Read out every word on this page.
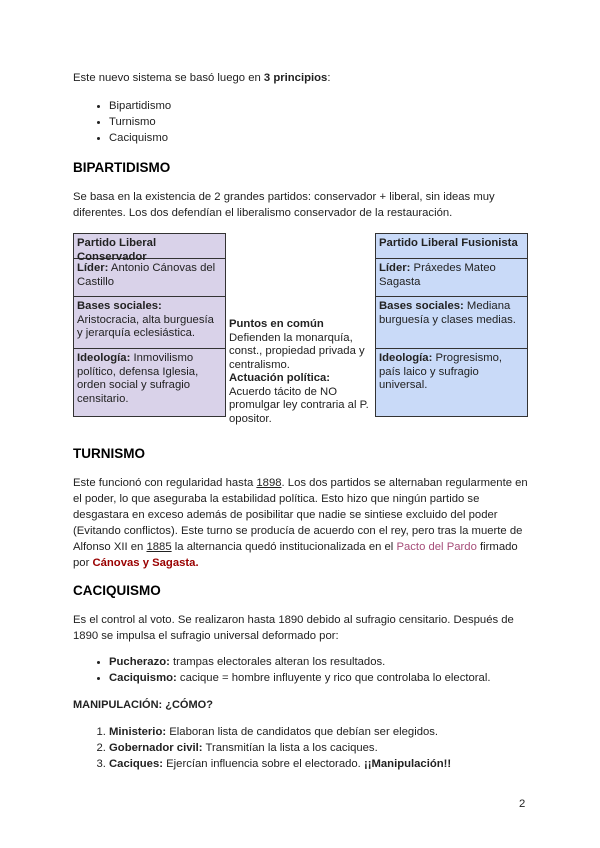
Este nuevo sistema se basó luego en 3 principios:

• Bipartidismo
• Turnismo
• Caciquismo
BIPARTIDISMO

Se basa en la existencia de 2 grandes partidos: conservador + liberal, sin ideas muy diferentes. Los dos defendían el liberalismo conservador de la restauración.

Partido Liberal Conservador
Líder: Antonio Cánovas del Castillo
Bases sociales: Aristocracia, alta burguesía y jerarquía eclesiástica.
Ideología: Inmovilismo político, defensa Iglesia, orden social y sufragio censitario.
Puntos en común
Defienden la monarquía, const., propiedad privada y centralismo.
Actuación política: Acuerdo tácito de NO promulgar ley contraria al P. opositor.
Partido Liberal Fusionista
Líder: Práxedes Mateo Sagasta
Bases sociales: Mediana burguesía y clases medias.
Ideología: Progresismo, país laico y sufragio universal.
TURNISMO

Este funcionó con regularidad hasta 1898. Los dos partidos se alternaban regularmente en el poder, lo que aseguraba la estabilidad política. Esto hizo que ningún partido se desgastara en exceso además de posibilitar que nadie se sintiese excluido del poder (Evitando conflictos). Este turno se producía de acuerdo con el rey, pero tras la muerte de Alfonso XII en 1885 la alternancia quedó institucionalizada en el Pacto del Pardo firmado por Cánovas y Sagasta.

CACIQUISMO

Es el control al voto. Se realizaron hasta 1890 debido al sufragio censitario. Después de 1890 se impulsa el sufragio universal deformado por:

• Pucherazo: trampas electorales alteran los resultados.
• Caciquismo: cacique = hombre influyente y rico que controlaba lo electoral.

MANIPULACIÓN: ¿CÓMO?

1. Ministerio: Elaboran lista de candidatos que debían ser elegidos.
2. Gobernador civil: Transmitían la lista a los caciques.
3. Caciques: Ejercían influencia sobre el electorado. ¡¡Manipulación!!

2
